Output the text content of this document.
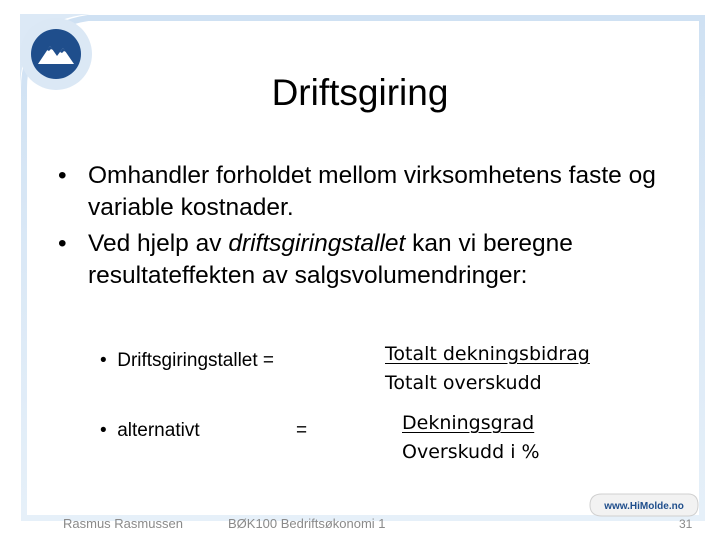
Driftsgiring
• Omhandler forholdet mellom virksomhetens faste og variable kostnader.
• Ved hjelp av driftsgiringstallet kan vi beregne resultateffekten av salgsvolumendringer:
• Driftsgiringstallet =	Totalt dekningsbidrag
Totalt overskudd
• alternativt	=	Dekningsgrad
Overskudd i %
Rasmus Rasmussen	BØK100 Bedriftsøkonomi 1
www.HiMolde.no
31
